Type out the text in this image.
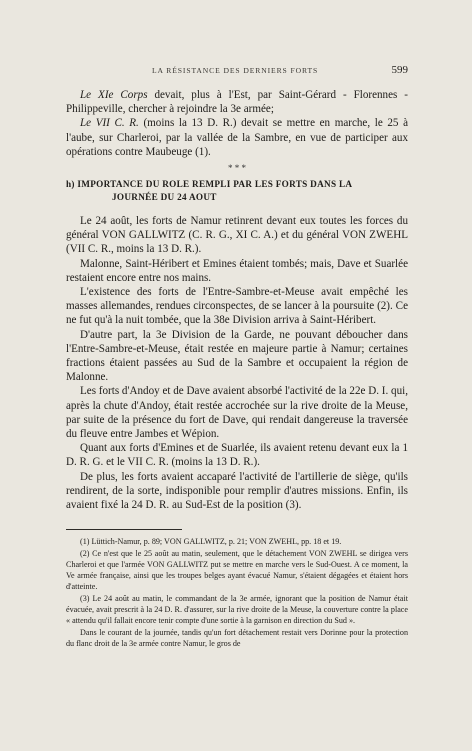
LA RÉSISTANCE DES DERNIERS FORTS	599

Le XIe Corps devait, plus à l'Est, par Saint-Gérard - Florennes - Philippeville, chercher à rejoindre la 3e armée;

Le VII C. R. (moins la 13 D. R.) devait se mettre en marche, le 25 à l'aube, sur Charleroi, par la vallée de la Sambre, en vue de participer aux opérations contre Maubeuge (1).

* * *
h) IMPORTANCE DU ROLE REMPLI PAR LES FORTS DANS LA
JOURNÉE DU 24 AOUT

Le 24 août, les forts de Namur retinrent devant eux toutes les forces du général VON GALLWITZ (C. R. G., XI C. A.) et du général VON ZWEHL (VII C. R., moins la 13 D. R.).

Malonne, Saint-Héribert et Emines étaient tombés; mais, Dave et Suarlée restaient encore entre nos mains.

L'existence des forts de l'Entre-Sambre-et-Meuse avait empêché les masses allemandes, rendues circonspectes, de se lancer à la poursuite (2). Ce ne fut qu'à la nuit tombée, que la 38e Division arriva à Saint-Héribert.

D'autre part, la 3e Division de la Garde, ne pouvant déboucher dans l'Entre-Sambre-et-Meuse, était restée en majeure partie à Namur; certaines fractions étaient passées au Sud de la Sambre et occupaient la région de Malonne.

Les forts d'Andoy et de Dave avaient absorbé l'activité de la 22e D. I. qui, après la chute d'Andoy, était restée accrochée sur la rive droite de la Meuse, par suite de la présence du fort de Dave, qui rendait dangereuse la traversée du fleuve entre Jambes et Wépion.

Quant aux forts d'Emines et de Suarlée, ils avaient retenu devant eux la 1 D. R. G. et le VII C. R. (moins la 13 D. R.).

De plus, les forts avaient accaparé l'activité de l'artillerie de siège, qu'ils rendirent, de la sorte, indisponible pour remplir d'autres missions. Enfin, ils avaient fixé la 24 D. R. au Sud-Est de la position (3).

(1) Lüttich-Namur, p. 89; VON GALLWITZ, p. 21; VON ZWEHL, pp. 18 et 19.

(2) Ce n'est que le 25 août au matin, seulement, que le détachement VON ZWEHL se dirigea vers Charleroi et que l'armée VON GALLWITZ put se mettre en marche vers le Sud-Ouest. A ce moment, la Ve armée française, ainsi que les troupes belges ayant évacué Namur, s'étaient dégagées et étaient hors d'atteinte.

(3) Le 24 août au matin, le commandant de la 3e armée, ignorant que la position de Namur était évacuée, avait prescrit à la 24 D. R. d'assurer, sur la rive droite de la Meuse, la couverture contre la place « attendu qu'il fallait encore tenir compte d'une sortie à la garnison en direction du Sud ».

Dans le courant de la journée, tandis qu'un fort détachement restait vers Dorinne pour la protection du flanc droit de la 3e armée contre Namur, le gros de
